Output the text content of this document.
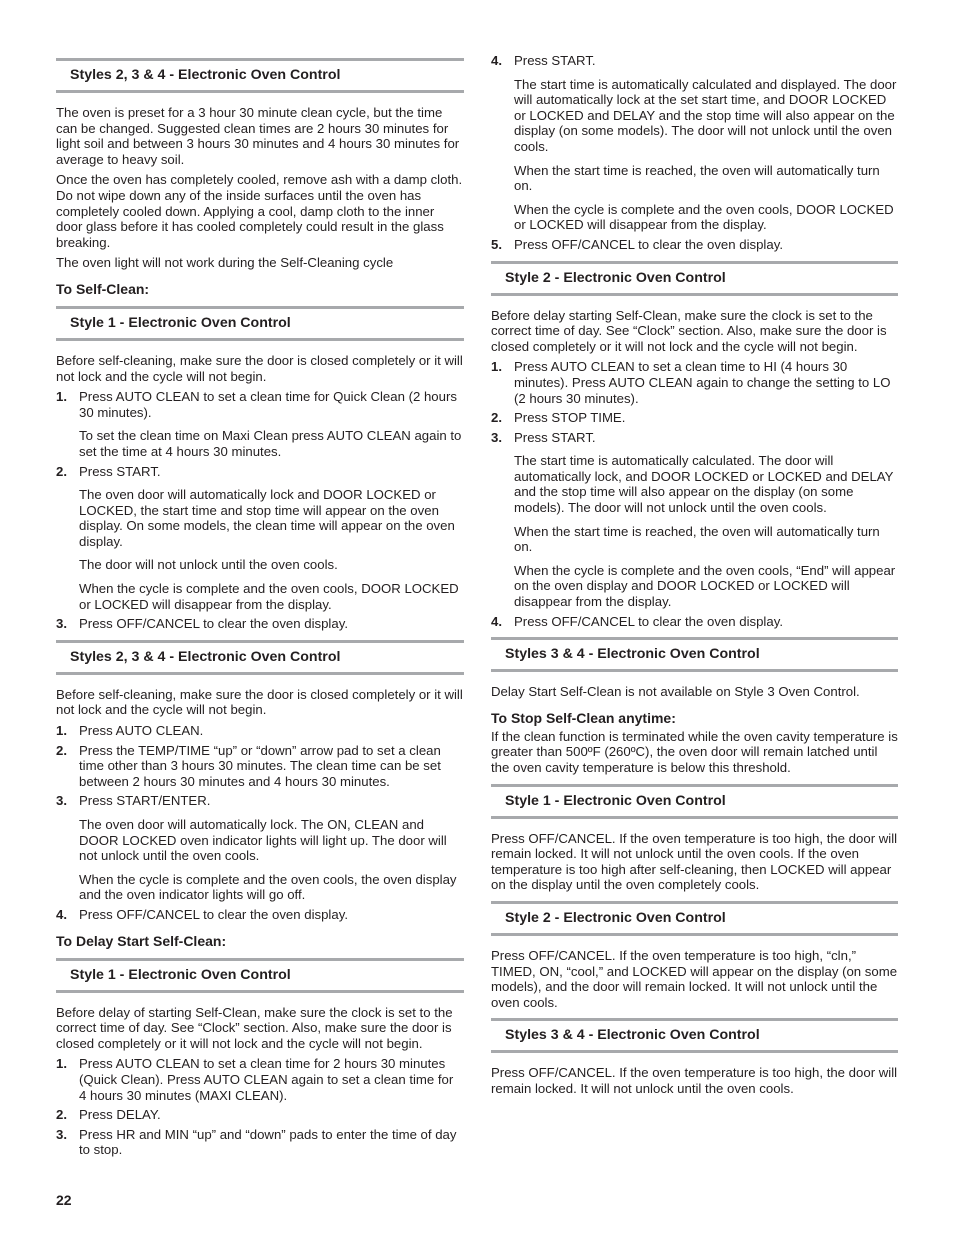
Styles 2, 3 & 4 - Electronic Oven Control

The oven is preset for a 3 hour 30 minute clean cycle, but the time can be changed. Suggested clean times are 2 hours 30 minutes for light soil and between 3 hours 30 minutes and 4 hours 30 minutes for average to heavy soil.

Once the oven has completely cooled, remove ash with a damp cloth. Do not wipe down any of the inside surfaces until the oven has completely cooled down. Applying a cool, damp cloth to the inner door glass before it has cooled completely could result in the glass breaking.

The oven light will not work during the Self-Cleaning cycle

To Self-Clean:
Style 1 - Electronic Oven Control

Before self-cleaning, make sure the door is closed completely or it will not lock and the cycle will not begin.

1. Press AUTO CLEAN to set a clean time for Quick Clean (2 hours 30 minutes).

To set the clean time on Maxi Clean press AUTO CLEAN again to set the time at 4 hours 30 minutes.

2. Press START.

The oven door will automatically lock and DOOR LOCKED or LOCKED, the start time and stop time will appear on the oven display. On some models, the clean time will appear on the oven display.

The door will not unlock until the oven cools.

When the cycle is complete and the oven cools, DOOR LOCKED or LOCKED will disappear from the display.

3. Press OFF/CANCEL to clear the oven display.

Styles 2, 3 & 4 - Electronic Oven Control

Before self-cleaning, make sure the door is closed completely or it will not lock and the cycle will not begin.

1. Press AUTO CLEAN.

2. Press the TEMP/TIME “up” or “down” arrow pad to set a clean time other than 3 hours 30 minutes. The clean time can be set between 2 hours 30 minutes and 4 hours 30 minutes.

3. Press START/ENTER.

The oven door will automatically lock. The ON, CLEAN and DOOR LOCKED oven indicator lights will light up. The door will not unlock until the oven cools.

When the cycle is complete and the oven cools, the oven display and the oven indicator lights will go off.

4. Press OFF/CANCEL to clear the oven display.

To Delay Start Self-Clean:
Style 1 - Electronic Oven Control

Before delay of starting Self-Clean, make sure the clock is set to the correct time of day. See “Clock” section. Also, make sure the door is closed completely or it will not lock and the cycle will not begin.

1. Press AUTO CLEAN to set a clean time for 2 hours 30 minutes (Quick Clean). Press AUTO CLEAN again to set a clean time for 4 hours 30 minutes (MAXI CLEAN).

2. Press DELAY.

3. Press HR and MIN “up” and “down” pads to enter the time of day to stop.

4. Press START.

The start time is automatically calculated and displayed. The door will automatically lock at the set start time, and DOOR LOCKED or LOCKED and DELAY and the stop time will also appear on the display (on some models). The door will not unlock until the oven cools.

When the start time is reached, the oven will automatically turn on.

When the cycle is complete and the oven cools, DOOR LOCKED or LOCKED will disappear from the display.

5. Press OFF/CANCEL to clear the oven display.

Style 2 - Electronic Oven Control

Before delay starting Self-Clean, make sure the clock is set to the correct time of day. See “Clock” section. Also, make sure the door is closed completely or it will not lock and the cycle will not begin.

1. Press AUTO CLEAN to set a clean time to HI (4 hours 30 minutes). Press AUTO CLEAN again to change the setting to LO (2 hours 30 minutes).

2. Press STOP TIME.

3. Press START.

The start time is automatically calculated. The door will automatically lock, and DOOR LOCKED or LOCKED and DELAY and the stop time will also appear on the display (on some models). The door will not unlock until the oven cools.

When the start time is reached, the oven will automatically turn on.

When the cycle is complete and the oven cools, “End” will appear on the oven display and DOOR LOCKED or LOCKED will disappear from the display.

4. Press OFF/CANCEL to clear the oven display.

Styles 3 & 4 - Electronic Oven Control

Delay Start Self-Clean is not available on Style 3 Oven Control.

To Stop Self-Clean anytime:

If the clean function is terminated while the oven cavity temperature is greater than 500ºF (260ºC), the oven door will remain latched until the oven cavity temperature is below this threshold.

Style 1 - Electronic Oven Control

Press OFF/CANCEL. If the oven temperature is too high, the door will remain locked. It will not unlock until the oven cools. If the oven temperature is too high after self-cleaning, then LOCKED will appear on the display until the oven completely cools.

Style 2 - Electronic Oven Control

Press OFF/CANCEL. If the oven temperature is too high, “cln,” TIMED, ON, “cool,” and LOCKED will appear on the display (on some models), and the door will remain locked. It will not unlock until the oven cools.

Styles 3 & 4 - Electronic Oven Control

Press OFF/CANCEL. If the oven temperature is too high, the door will remain locked. It will not unlock until the oven cools.

22
